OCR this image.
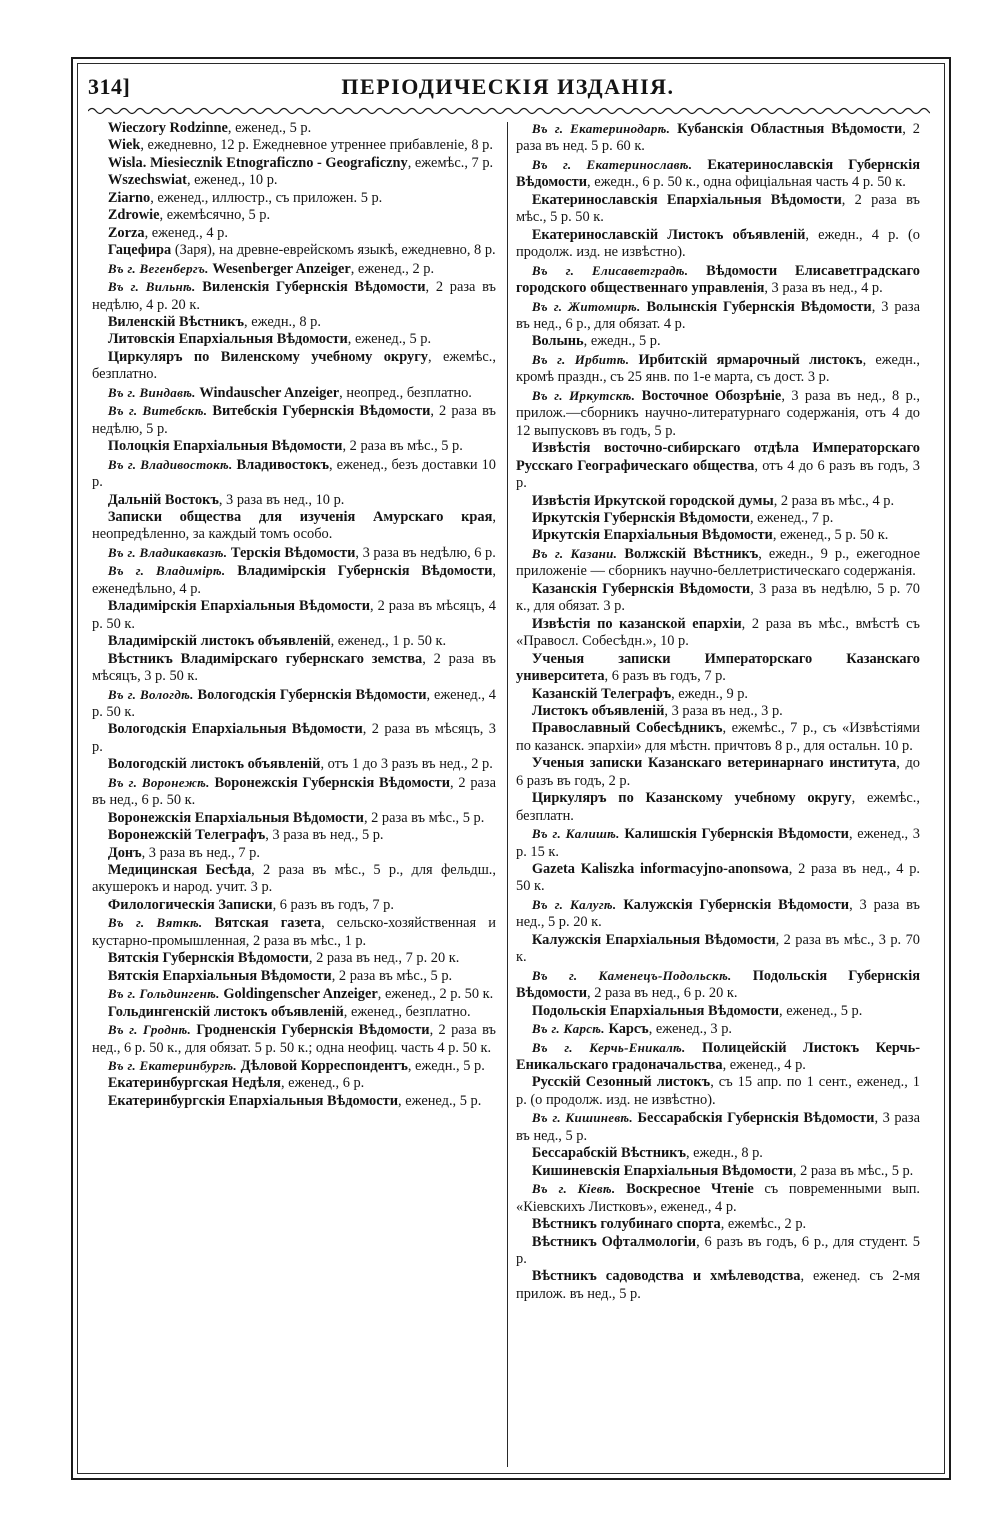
314]	ПЕРІОДИЧЕСКІЯ ИЗДАНІЯ.

Wieczory Rodzinne, еженед., 5 р.

Wiek, ежедневно, 12 р. Ежедневное утреннее прибавленіе, 8 р.

Wisla. Miesiecznik Etnograficzno - Geograficzny, ежемѣс., 7 р.

Wszechswiat, еженед., 10 р.

Ziarno, еженед., иллюстр., съ приложен. 5 р.

Zdrowie, ежемѣсячно, 5 р.

Zorza, еженед., 4 р.

Гацефира (Заря), на древне-еврейскомъ языкѣ, ежедневно, 8 р.

Въ г. Вегенбергъ. Wesenberger Anzeiger, еженед., 2 р.

Въ г. Вильнѣ. Виленскія Губернскія Вѣдомости, 2 раза въ недѣлю, 4 р. 20 к.

Виленскій Вѣстникъ, ежедн., 8 р.

Литовскія Епархіальныя Вѣдомости, еженед., 5 р.

Циркуляръ по Виленскому учебному округу, ежемѣс., безплатно.

Въ г. Виндавѣ. Windauscher Anzeiger, неопред., безплатно.

Въ г. Витебскѣ. Витебскія Губернскія Вѣдомости, 2 раза въ недѣлю, 5 р.

Полоцкія Епархіальныя Вѣдомости, 2 раза въ мѣс., 5 р.

Въ г. Владивостокѣ. Владивостокъ, еженед., безъ доставки 10 р.

Дальній Востокъ, 3 раза въ нед., 10 р.

Записки общества для изученія Амурскаго края, неопредѣленно, за каждый томъ особо.

Въ г. Владикавказѣ. Терскія Вѣдомости, 3 раза въ недѣлю, 6 р.

Въ г. Владимірѣ. Владимірскія Губернскія Вѣдомости, еженедѣльно, 4 р.

Владимірскія Епархіальныя Вѣдомости, 2 раза въ мѣсяцъ, 4 р. 50 к.

Владимірскій листокъ объявленій, еженед., 1 р. 50 к.

Вѣстникъ Владимірскаго губернскаго земства, 2 раза въ мѣсяцъ, 3 р. 50 к.

Въ г. Вологдѣ. Вологодскія Губернскія Вѣдомости, еженед., 4 р. 50 к.

Вологодскія Епархіальныя Вѣдомости, 2 раза въ мѣсяцъ, 3 р.

Вологодскій листокъ объявленій, отъ 1 до 3 разъ въ нед., 2 р.

Въ г. Воронежѣ. Воронежскія Губернскія Вѣдомости, 2 раза въ нед., 6 р. 50 к.

Воронежскія Епархіальныя Вѣдомости, 2 раза въ мѣс., 5 р.

Воронежскій Телеграфъ, 3 раза въ нед., 5 р.

Донъ, 3 раза въ нед., 7 р.

Медицинская Бесѣда, 2 раза въ мѣс., 5 р., для фельдш., акушерокъ и народ. учит. 3 р.

Филологическія Записки, 6 разъ въ годъ, 7 р.

Въ г. Вяткѣ. Вятская газета, сельско-хозяйственная и кустарно-промышленная, 2 раза въ мѣс., 1 р.

Вятскія Губернскія Вѣдомости, 2 раза въ нед., 7 р. 20 к.

Вятскія Епархіальныя Вѣдомости, 2 раза въ мѣс., 5 р.

Въ г. Гольдингенѣ. Goldingenscher Anzeiger, еженед., 2 р. 50 к.

Гольдингенскій листокъ объявленій, еженед., безплатно.

Въ г. Гроднѣ. Гродненскія Губернскія Вѣдомости, 2 раза въ нед., 6 р. 50 к., для обязат. 5 р. 50 к.; одна неофиц. часть 4 р. 50 к.

Въ г. Екатеринбургѣ. Дѣловой Корреспондентъ, ежедн., 5 р.

Екатеринбургская Недѣля, еженед., 6 р.

Екатеринбургскія Епархіальныя Вѣдомости, еженед., 5 р.

Въ г. Екатеринодарѣ. Кубанскія Областныя Вѣдомости, 2 раза въ нед. 5 р. 60 к.

Въ г. Екатеринославѣ. Екатеринославскія Губернскія Вѣдомости, ежедн., 6 р. 50 к., одна офиціальная часть 4 р. 50 к.

Екатеринославскія Епархіальныя Вѣдомости, 2 раза въ мѣс., 5 р. 50 к.

Екатеринославскій Листокъ объявленій, ежедн., 4 р. (о продолж. изд. не извѣстно).

Въ г. Елисаветградѣ. Вѣдомости Елисаветградскаго городского общественнаго управленія, 3 раза въ нед., 4 р.

Въ г. Житомирѣ. Волынскія Губернскія Вѣдомости, 3 раза въ нед., 6 р., для обязат. 4 р.

Волынь, ежедн., 5 р.

Въ г. Ирбитѣ. Ирбитскій ярмарочный листокъ, ежедн., кромѣ праздн., съ 25 янв. по 1-е марта, съ дост. 3 р.

Въ г. Иркутскѣ. Восточное Обозрѣніе, 3 раза въ нед., 8 р., прилож.—сборникъ научно-литературнаго содержанія, отъ 4 до 12 выпусковъ въ годъ, 5 р.

Извѣстія восточно-сибирскаго отдѣла Императорскаго Русскаго Географическаго общества, отъ 4 до 6 разъ въ годъ, 3 р.

Извѣстія Иркутской городской думы, 2 раза въ мѣс., 4 р.

Иркутскія Губернскія Вѣдомости, еженед., 7 р.

Иркутскія Епархіальныя Вѣдомости, еженед., 5 р. 50 к.

Въ г. Казани. Волжскій Вѣстникъ, ежедн., 9 р., ежегодное приложеніе — сборникъ научно-беллетристическаго содержанія.

Казанскія Губернскія Вѣдомости, 3 раза въ недѣлю, 5 р. 70 к., для обязат. 3 р.

Извѣстія по казанской епархіи, 2 раза въ мѣс., вмѣстѣ съ «Правосл. Собесѣдн.», 10 р.

Ученыя записки Императорскаго Казанскаго университета, 6 разъ въ годъ, 7 р.

Казанскій Телеграфъ, ежедн., 9 р.

Листокъ объявленій, 3 раза въ нед., 3 р.

Православный Собесѣдникъ, ежемѣс., 7 р., съ «Извѣстіями по казанск. эпархіи» для мѣстн. причтовъ 8 р., для остальн. 10 р.

Ученыя записки Казанскаго ветеринарнаго института, до 6 разъ въ годъ, 2 р.

Циркуляръ по Казанскому учебному округу, ежемѣс., безплатн.

Въ г. Калишѣ. Калишскія Губернскія Вѣдомости, еженед., 3 р. 15 к.

Gazeta Kaliszka informacyjno-anonsowa, 2 раза въ нед., 4 р. 50 к.

Въ г. Калугѣ. Калужскія Губернскія Вѣдомости, 3 раза въ нед., 5 р. 20 к.

Калужскія Епархіальныя Вѣдомости, 2 раза въ мѣс., 3 р. 70 к.

Въ г. Каменецъ-Подольскѣ. Подольскія Губернскія Вѣдомости, 2 раза въ нед., 6 р. 20 к.

Подольскія Епархіальныя Вѣдомости, еженед., 5 р.

Въ г. Карсѣ. Карсъ, еженед., 3 р.

Въ г. Керчь-Еникалѣ. Полицейскій Листокъ Керчь-Еникальскаго градоначальства, еженед., 4 р.

Русскій Сезонный листокъ, съ 15 апр. по 1 сент., еженед., 1 р. (о продолж. изд. не извѣстно).

Въ г. Кишиневѣ. Бессарабскія Губернскія Вѣдомости, 3 раза въ нед., 5 р.

Бессарабскій Вѣстникъ, ежедн., 8 р.

Кишиневскія Епархіальныя Вѣдомости, 2 раза въ мѣс., 5 р.

Въ г. Кіевѣ. Воскресное Чтеніе съ повременными вып. «Кіевскихъ Листковъ», еженед., 4 р.

Вѣстникъ голубинаго спорта, ежемѣс., 2 р.

Вѣстникъ Офталмологіи, 6 разъ въ годъ, 6 р., для студент. 5 р.

Вѣстникъ садоводства и хмѣлеводства, еженед. съ 2-мя прилож. въ нед., 5 р.
